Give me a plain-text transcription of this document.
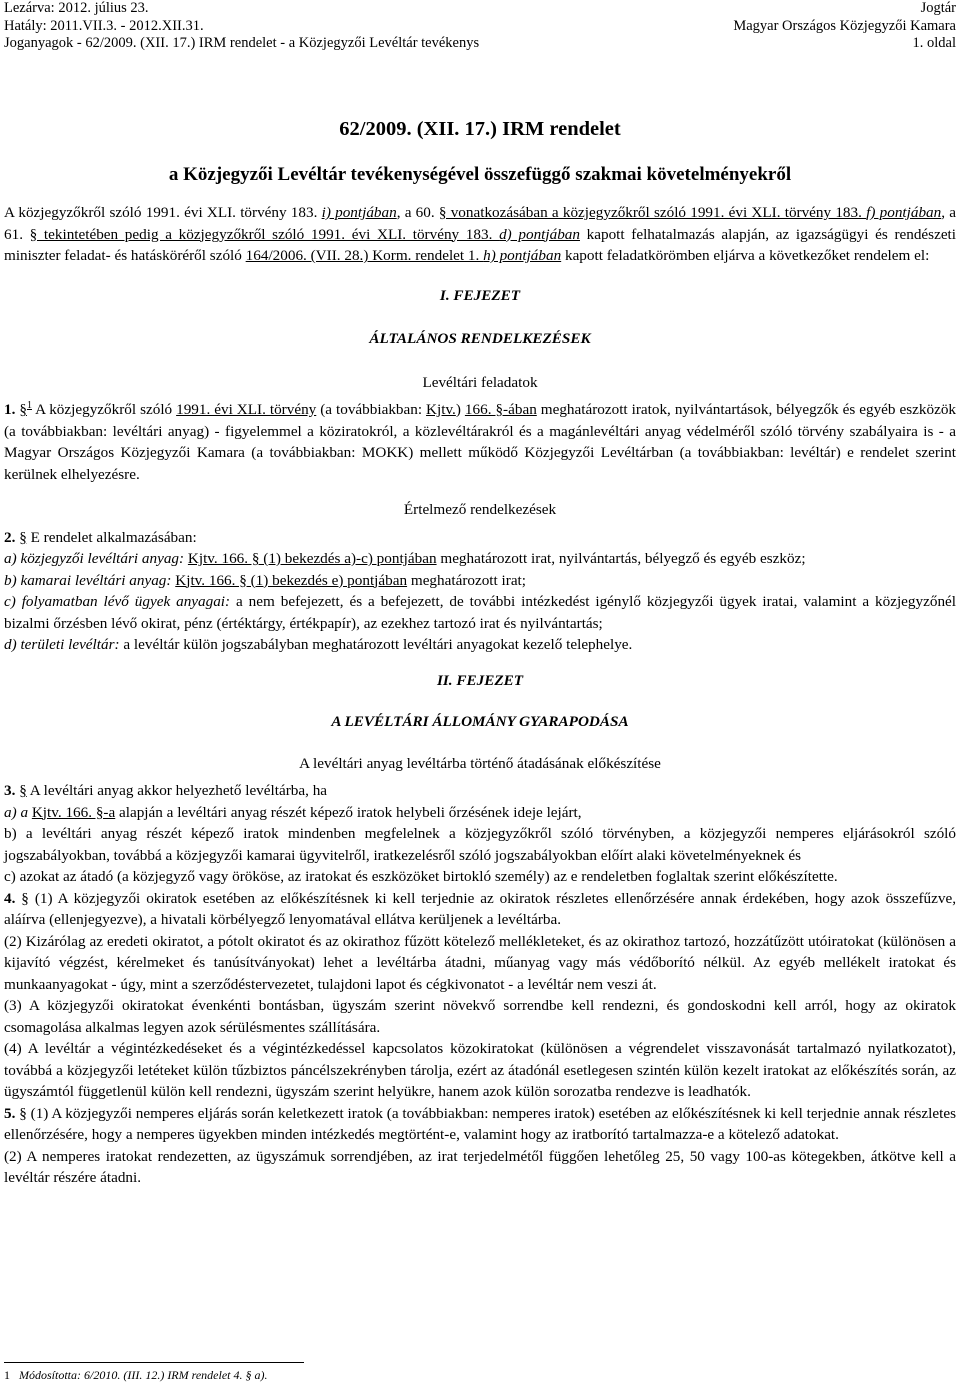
Lezárva: 2012. július 23.
Hatály: 2011.VII.3. - 2012.XII.31.
Joganyagok - 62/2009. (XII. 17.) IRM rendelet - a Közjegyzői Levéltár tevékenys
Jogtár
Magyar Országos Közjegyzői Kamara
1. oldal
62/2009. (XII. 17.) IRM rendelet
a Közjegyzői Levéltár tevékenységével összefüggő szakmai követelményekről

A közjegyzőkről szóló 1991. évi XLI. törvény 183. i) pontjában, a 60. § vonatkozásában a közjegyzőkről szóló 1991. évi XLI. törvény 183. f) pontjában, a 61. § tekintetében pedig a közjegyzőkről szóló 1991. évi XLI. törvény 183. d) pontjában kapott felhatalmazás alapján, az igazságügyi és rendészeti miniszter feladat- és hatásköréről szóló 164/2006. (VII. 28.) Korm. rendelet 1. h) pontjában kapott feladatkörömben eljárva a következőket rendelem el:

I. FEJEZET
ÁLTALÁNOS RENDELKEZÉSEK
Levéltári feladatok

1. §$^1$ A közjegyzőkről szóló 1991. évi XLI. törvény (a továbbiakban: Kjtv.) 166. §-ában meghatározott iratok, nyilvántartások, bélyegzők és egyéb eszközök (a továbbiakban: levéltári anyag) - figyelemmel a köziratokról, a közlevéltárakról és a magánlevéltári anyag védelméről szóló törvény szabályaira is - a Magyar Országos Közjegyzői Kamara (a továbbiakban: MOKK) mellett működő Közjegyzői Levéltárban (a továbbiakban: levéltár) e rendelet szerint kerülnek elhelyezésre.

Értelmező rendelkezések

2. § E rendelet alkalmazásában:

a) közjegyzői levéltári anyag: Kjtv. 166. § (1) bekezdés a)-c) pontjában meghatározott irat, nyilvántartás, bélyegző és egyéb eszköz;

b) kamarai levéltári anyag: Kjtv. 166. § (1) bekezdés e) pontjában meghatározott irat;

c) folyamatban lévő ügyek anyagai: a nem befejezett, és a befejezett, de további intézkedést igénylő közjegyzői ügyek iratai, valamint a közjegyzőnél bizalmi őrzésben lévő okirat, pénz (értéktárgy, értékpapír), az ezekhez tartozó irat és nyilvántartás;

d) területi levéltár: a levéltár külön jogszabályban meghatározott levéltári anyagokat kezelő telephelye.

II. FEJEZET
A LEVÉLTÁRI ÁLLOMÁNY GYARAPODÁSA
A levéltári anyag levéltárba történő átadásának előkészítése

3. § A levéltári anyag akkor helyezhető levéltárba, ha

a) a Kjtv. 166. §-a alapján a levéltári anyag részét képező iratok helybeli őrzésének ideje lejárt,

b) a levéltári anyag részét képező iratok mindenben megfelelnek a közjegyzőkről szóló törvényben, a közjegyzői nemperes eljárásokról szóló jogszabályokban, továbbá a közjegyzői kamarai ügyvitelről, iratkezelésről szóló jogszabályokban előírt alaki követelményeknek és

c) azokat az átadó (a közjegyző vagy örököse, az iratokat és eszközöket birtokló személy) az e rendeletben foglaltak szerint előkészítette.

4. § (1) A közjegyzői okiratok esetében az előkészítésnek ki kell terjednie az okiratok részletes ellenőrzésére annak érdekében, hogy azok összefűzve, aláírva (ellenjegyezve), a hivatali körbélyegző lenyomatával ellátva kerüljenek a levéltárba.

(2) Kizárólag az eredeti okiratot, a pótolt okiratot és az okirathoz fűzött kötelező mellékleteket, és az okirathoz tartozó, hozzátűzött utóiratokat (különösen a kijavító végzést, kérelmeket és tanúsítványokat) lehet a levéltárba átadni, műanyag vagy más védőborító nélkül. Az egyéb mellékelt iratokat és munkaanyagokat - úgy, mint a szerződéstervezetet, tulajdoni lapot és cégkivonatot - a levéltár nem veszi át.

(3) A közjegyzői okiratokat évenkénti bontásban, ügyszám szerint növekvő sorrendbe kell rendezni, és gondoskodni kell arról, hogy az okiratok csomagolása alkalmas legyen azok sérülésmentes szállítására.

(4) A levéltár a végintézkedéseket és a végintézkedéssel kapcsolatos közokiratokat (különösen a végrendelet visszavonását tartalmazó nyilatkozatot), továbbá a közjegyzői letéteket külön tűzbiztos páncélszekrényben tárolja, ezért az átadónál esetlegesen szintén külön kezelt iratokat az előkészítés során, az ügyszámtól függetlenül külön kell rendezni, ügyszám szerint helyükre, hanem azok külön sorozatba rendezve is leadhatók.

5. § (1) A közjegyzői nemperes eljárás során keletkezett iratok (a továbbiakban: nemperes iratok) esetében az előkészítésnek ki kell terjednie annak részletes ellenőrzésére, hogy a nemperes ügyekben minden intézkedés megtörtént-e, valamint hogy az iratborító tartalmazza-e a kötelező adatokat.

(2) A nemperes iratokat rendezetten, az ügyszámuk sorrendjében, az irat terjedelmétől függően lehetőleg 25, 50 vagy 100-as kötegekben, átkötve kell a levéltár részére átadni.

1 Módosította: 6/2010. (III. 12.) IRM rendelet 4. § a).
